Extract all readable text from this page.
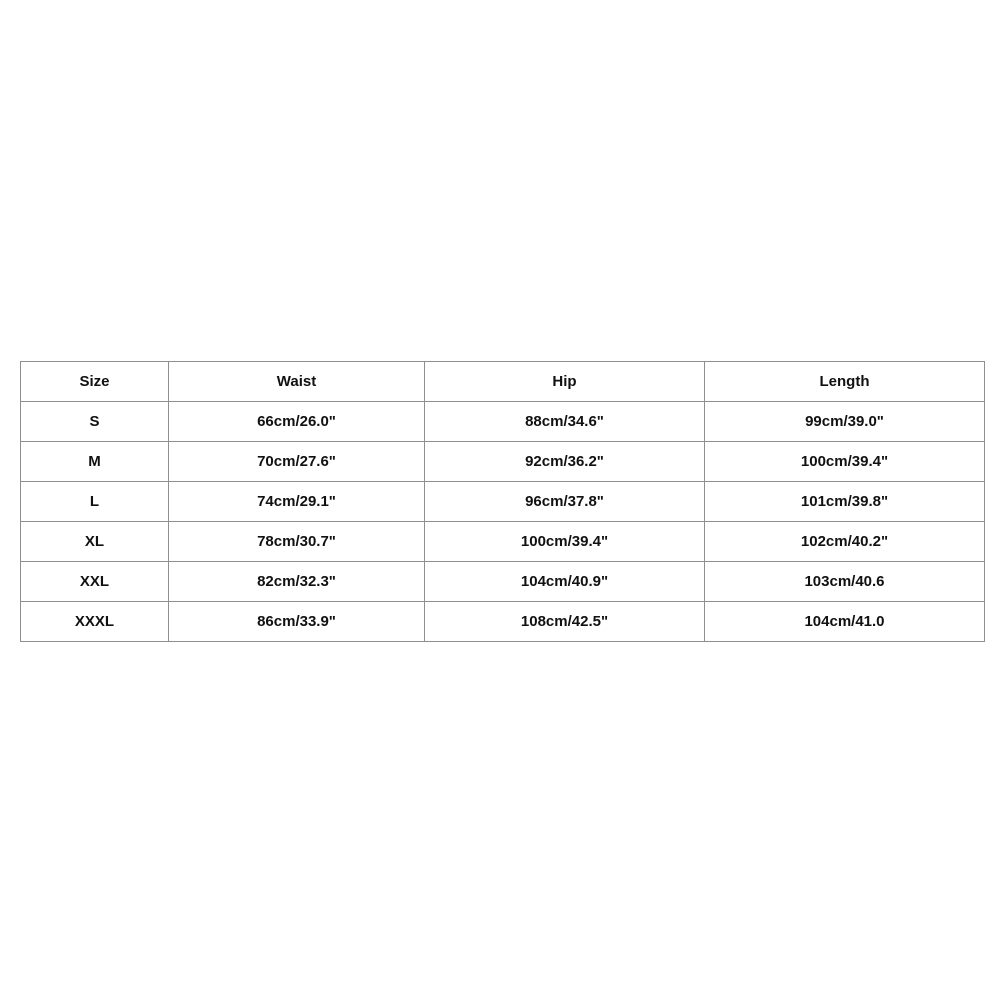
Size	Waist	Hip	Length
S	66cm/26.0"	88cm/34.6"	99cm/39.0"
M	70cm/27.6"	92cm/36.2"	100cm/39.4"
L	74cm/29.1"	96cm/37.8"	101cm/39.8"
XL	78cm/30.7"	100cm/39.4"	102cm/40.2"
XXL	82cm/32.3"	104cm/40.9"	103cm/40.6
XXXL	86cm/33.9"	108cm/42.5"	104cm/41.0
